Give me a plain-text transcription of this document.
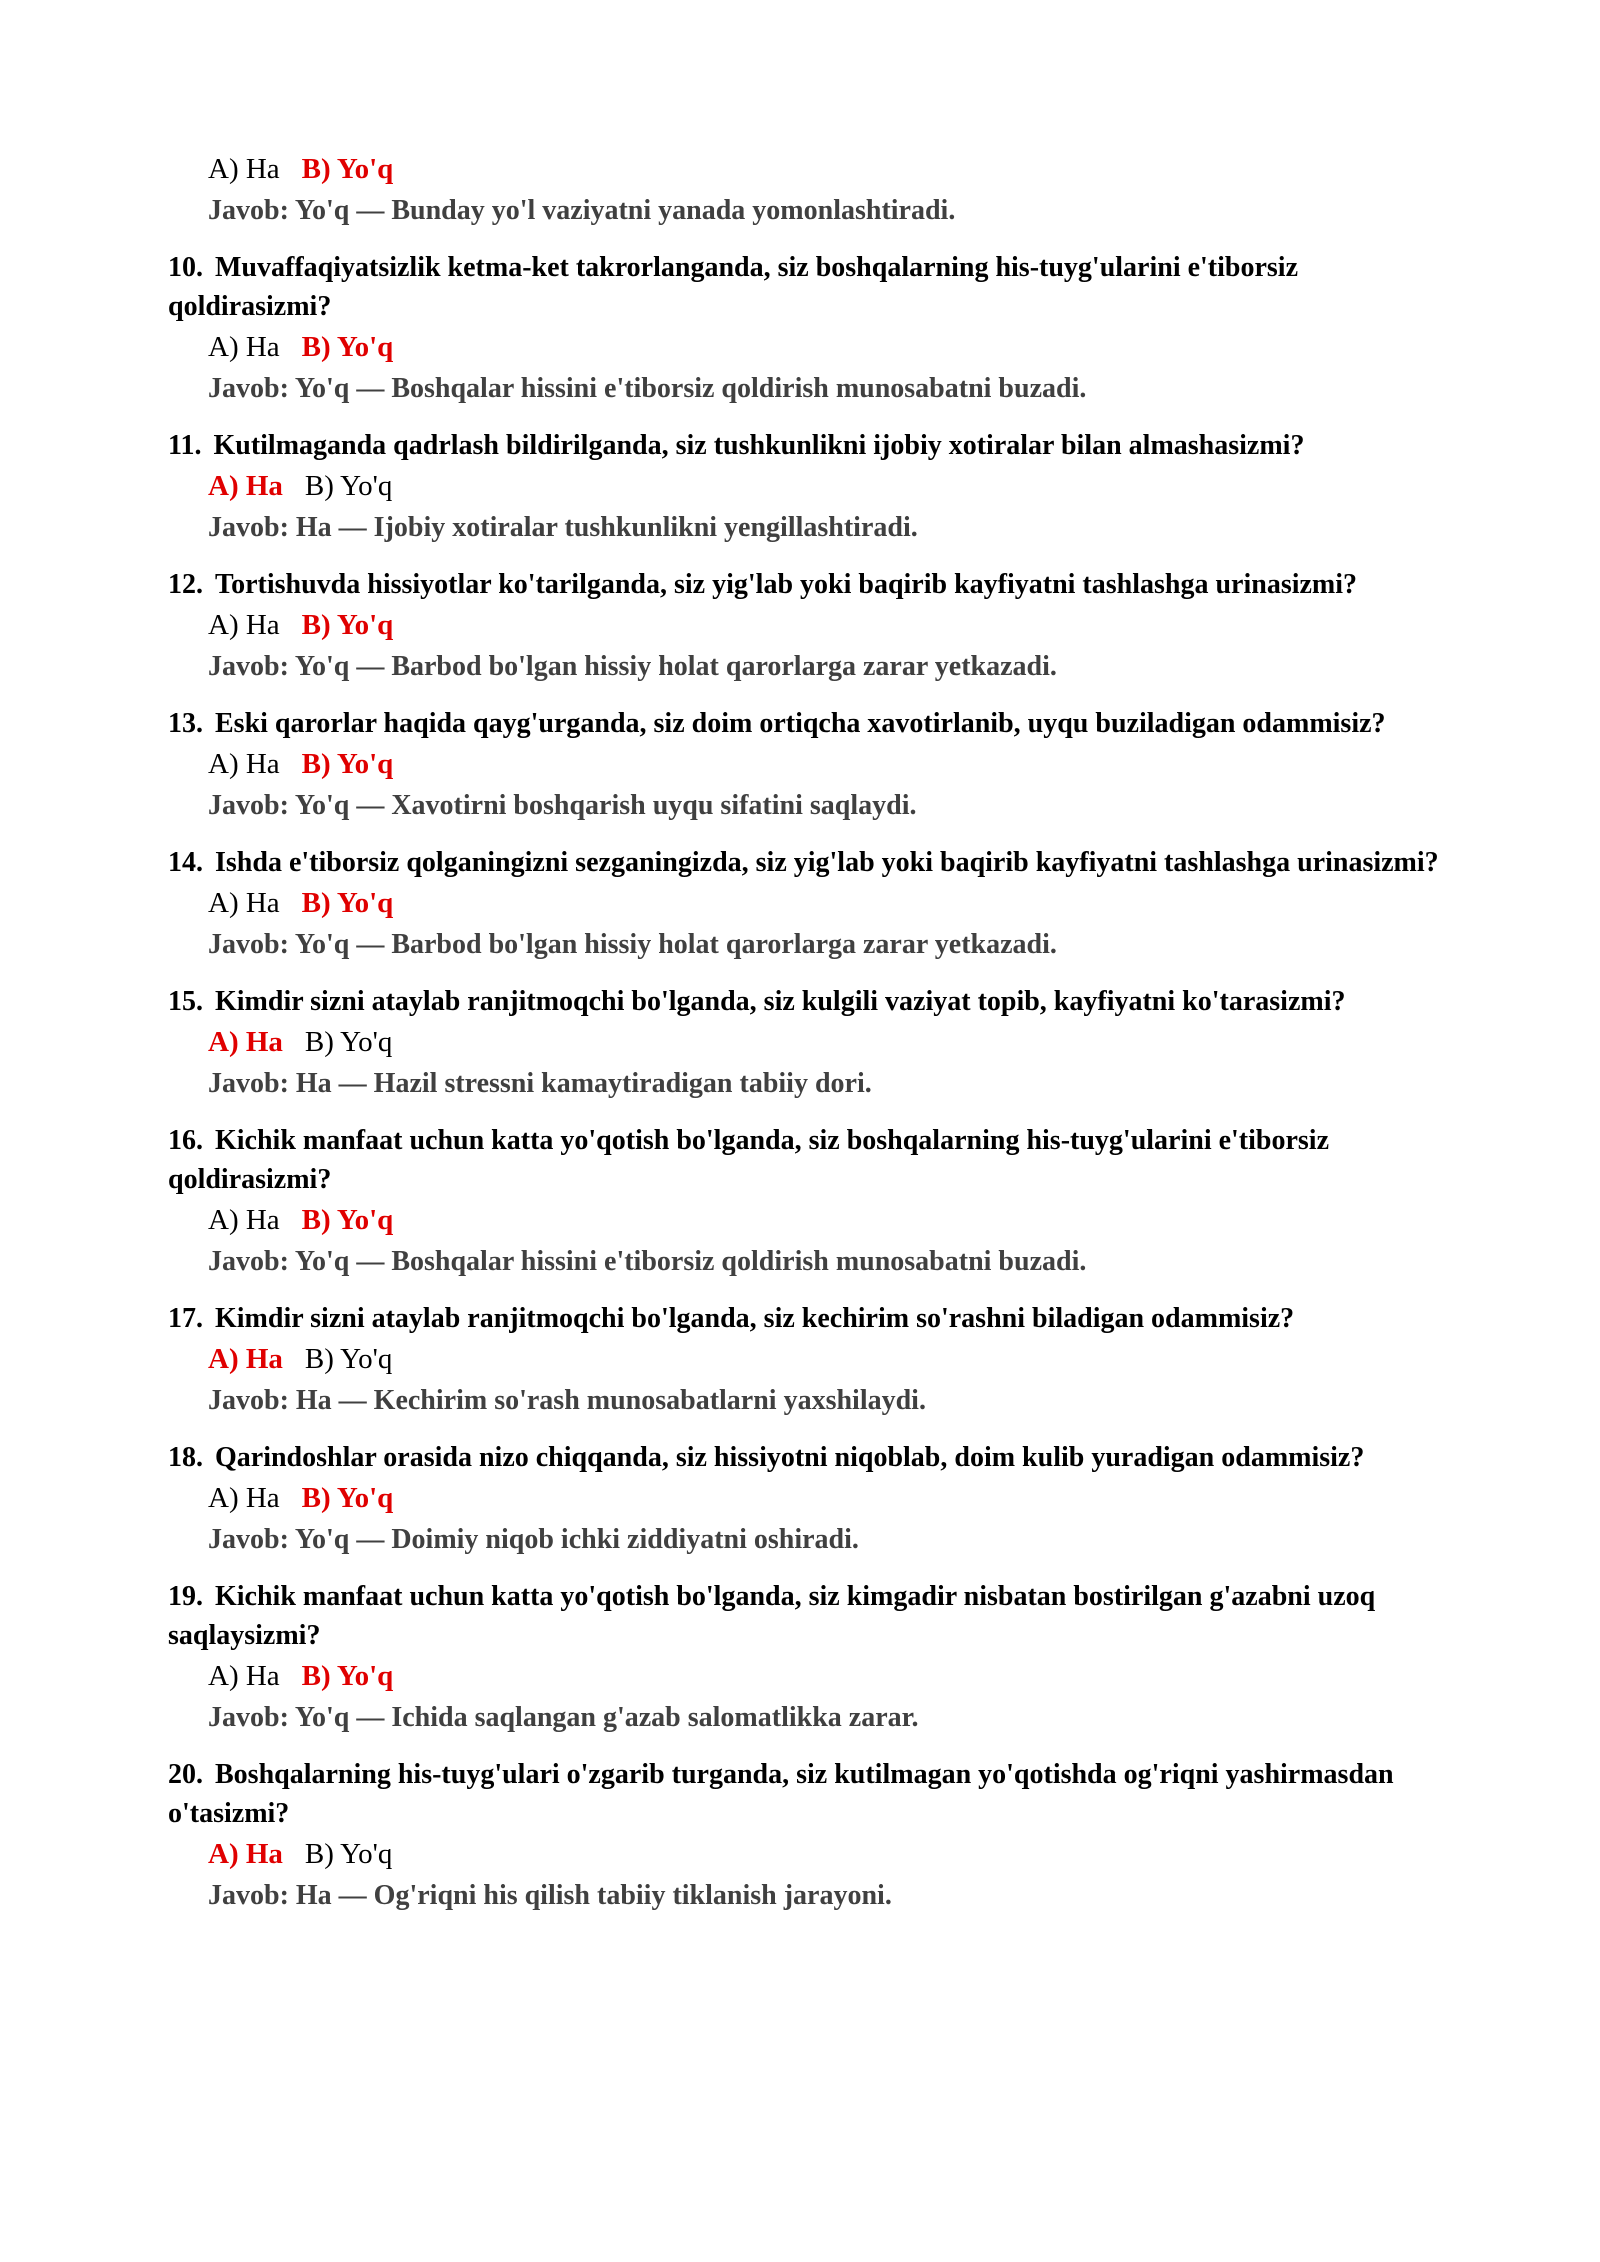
A) Ha B) Yo'q
Javob: Yo'q — Bunday yo'l vaziyatni yanada yomonlashtiradi.
10. Muvaffaqiyatsizlik ketma-ket takrorlanganda, siz boshqalarning his-tuyg'ularini e'tiborsiz qoldirasizmi?
A) Ha B) Yo'q
Javob: Yo'q — Boshqalar hissini e'tiborsiz qoldirish munosabatni buzadi.
11. Kutilmaganda qadrlash bildirilganda, siz tushkunlikni ijobiy xotiralar bilan almashasizmi?
A) Ha B) Yo'q
Javob: Ha — Ijobiy xotiralar tushkunlikni yengillashtiradi.
12. Tortishuvda hissiyotlar ko'tarilganda, siz yig'lab yoki baqirib kayfiyatni tashlashga urinasizmi?
A) Ha B) Yo'q
Javob: Yo'q — Barbod bo'lgan hissiy holat qarorlarga zarar yetkazadi.
13. Eski qarorlar haqida qayg'urganda, siz doim ortiqcha xavotirlanib, uyqu buziladigan odammisiz?
A) Ha B) Yo'q
Javob: Yo'q — Xavotirni boshqarish uyqu sifatini saqlaydi.
14. Ishda e'tiborsiz qolganingizni sezganingizda, siz yig'lab yoki baqirib kayfiyatni tashlashga urinasizmi?
A) Ha B) Yo'q
Javob: Yo'q — Barbod bo'lgan hissiy holat qarorlarga zarar yetkazadi.
15. Kimdir sizni ataylab ranjitmoqchi bo'lganda, siz kulgili vaziyat topib, kayfiyatni ko'tarasizmi?
A) Ha B) Yo'q
Javob: Ha — Hazil stressni kamaytiradigan tabiiy dori.
16. Kichik manfaat uchun katta yo'qotish bo'lganda, siz boshqalarning his-tuyg'ularini e'tiborsiz qoldirasizmi?
A) Ha B) Yo'q
Javob: Yo'q — Boshqalar hissini e'tiborsiz qoldirish munosabatni buzadi.
17. Kimdir sizni ataylab ranjitmoqchi bo'lganda, siz kechirim so'rashni biladigan odammisiz?
A) Ha B) Yo'q
Javob: Ha — Kechirim so'rash munosabatlarni yaxshilaydi.
18. Qarindoshlar orasida nizo chiqqanda, siz hissiyotni niqoblab, doim kulib yuradigan odammisiz?
A) Ha B) Yo'q
Javob: Yo'q — Doimiy niqob ichki ziddiyatni oshiradi.
19. Kichik manfaat uchun katta yo'qotish bo'lganda, siz kimgadir nisbatan bostirilgan g'azabni uzoq saqlaysizmi?
A) Ha B) Yo'q
Javob: Yo'q — Ichida saqlangan g'azab salomatlikka zarar.
20. Boshqalarning his-tuyg'ulari o'zgarib turganda, siz kutilmagan yo'qotishda og'riqni yashirmasdan o'tasizmi?
A) Ha B) Yo'q
Javob: Ha — Og'riqni his qilish tabiiy tiklanish jarayoni.
